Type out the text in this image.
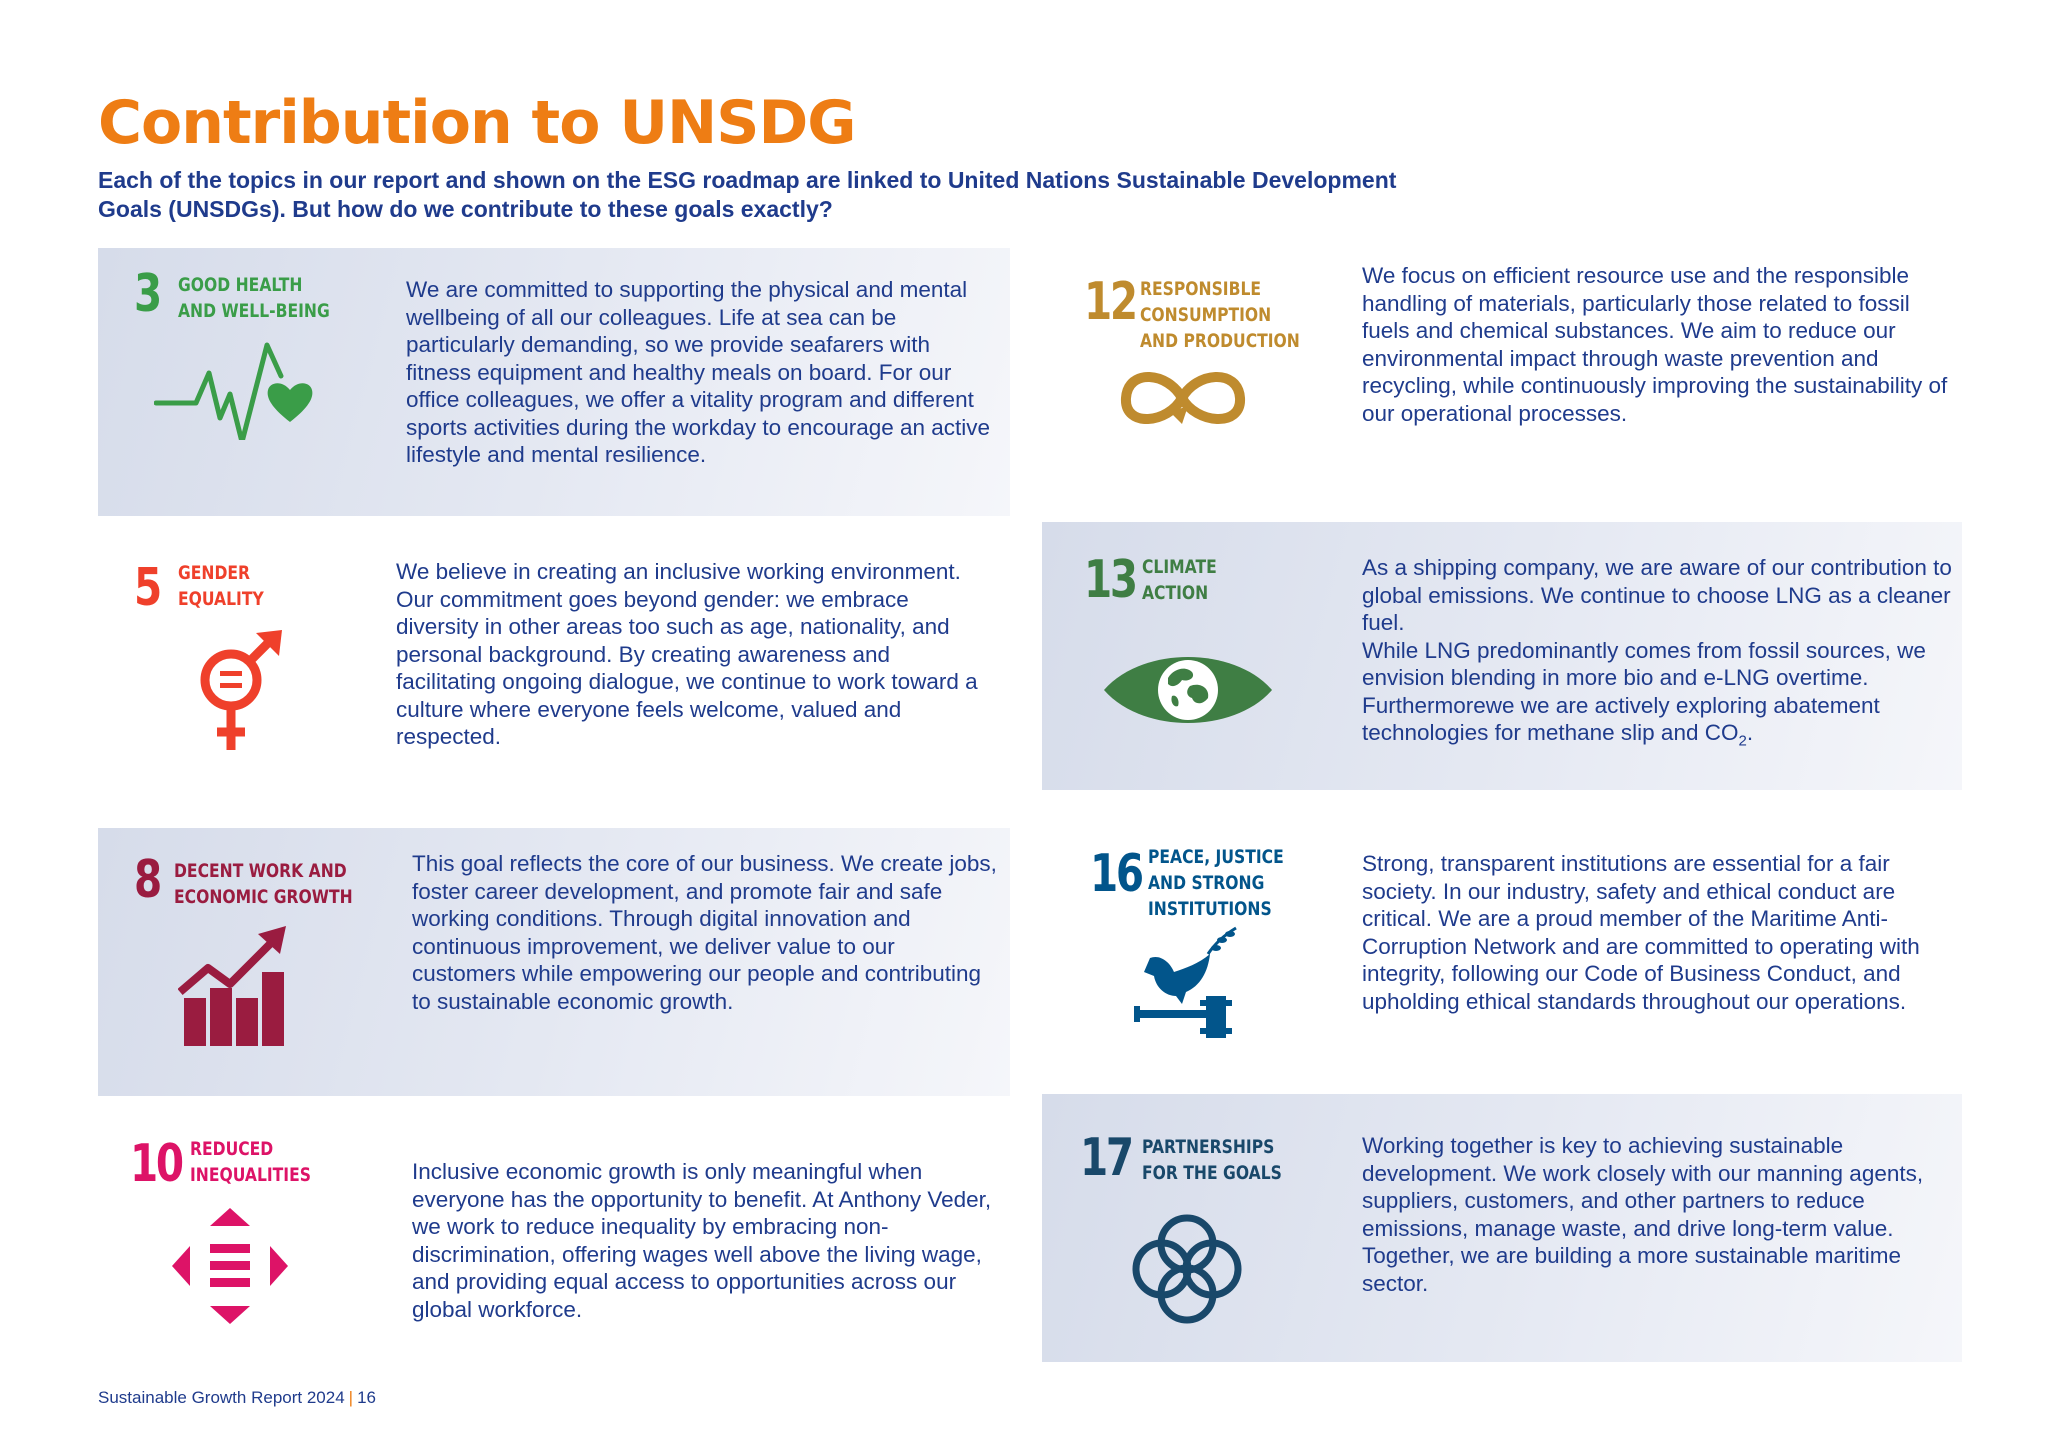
Contribution to UNSDG
Each of the topics in our report and shown on the ESG roadmap are linked to United Nations Sustainable Development Goals (UNSDGs). But how do we contribute to these goals exactly?
3 GOOD HEALTH
AND WELL-BEING
We are committed to supporting the physical and mental wellbeing of all our colleagues. Life at sea can be particularly demanding, so we provide seafarers with fitness equipment and healthy meals on board. For our office colleagues, we offer a vitality program and different sports activities during the workday to encourage an active lifestyle and mental resilience.
5 GENDER
EQUALITY
We believe in creating an inclusive working environment. Our commitment goes beyond gender: we embrace diversity in other areas too such as age, nationality, and personal background. By creating awareness and facilitating ongoing dialogue, we continue to work toward a culture where everyone feels welcome, valued and respected.
8 DECENT WORK AND
ECONOMIC GROWTH
This goal reflects the core of our business. We create jobs, foster career development, and promote fair and safe working conditions. Through digital innovation and continuous improvement, we deliver value to our customers while empowering our people and contributing to sustainable economic growth.
10 REDUCED
INEQUALITIES	Inclusive economic growth is only meaningful when everyone has the opportunity to benefit. At Anthony Veder, we work to reduce inequality by embracing non-discrimination, offering wages well above the living wage, and providing equal access to opportunities across our global workforce.
12 RESPONSIBLE
CONSUMPTION
AND PRODUCTION
We focus on efficient resource use and the responsible handling of materials, particularly those related to fossil fuels and chemical substances. We aim to reduce our environmental impact through waste prevention and recycling, while continuously improving the sustainability of our operational processes.
13 CLIMATE
ACTION
As a shipping company, we are aware of our contribution to global emissions. We continue to choose LNG as a cleaner fuel.
While LNG predominantly comes from fossil sources, we envision blending in more bio and e-LNG overtime. Furthermorewe we are actively exploring abatement technologies for methane slip and $CO_2$.
16 PEACE, JUSTICE
AND STRONG
INSTITUTIONS
Strong, transparent institutions are essential for a fair society. In our industry, safety and ethical conduct are critical. We are a proud member of the Maritime Anti-Corruption Network and are committed to operating with integrity, following our Code of Business Conduct, and upholding ethical standards throughout our operations.
17 PARTNERSHIPS
FOR THE GOALS
Working together is key to achieving sustainable development. We work closely with our manning agents, suppliers, customers, and other partners to reduce emissions, manage waste, and drive long-term value. Together, we are building a more sustainable maritime sector.
Sustainable Growth Report 2024 | 16
